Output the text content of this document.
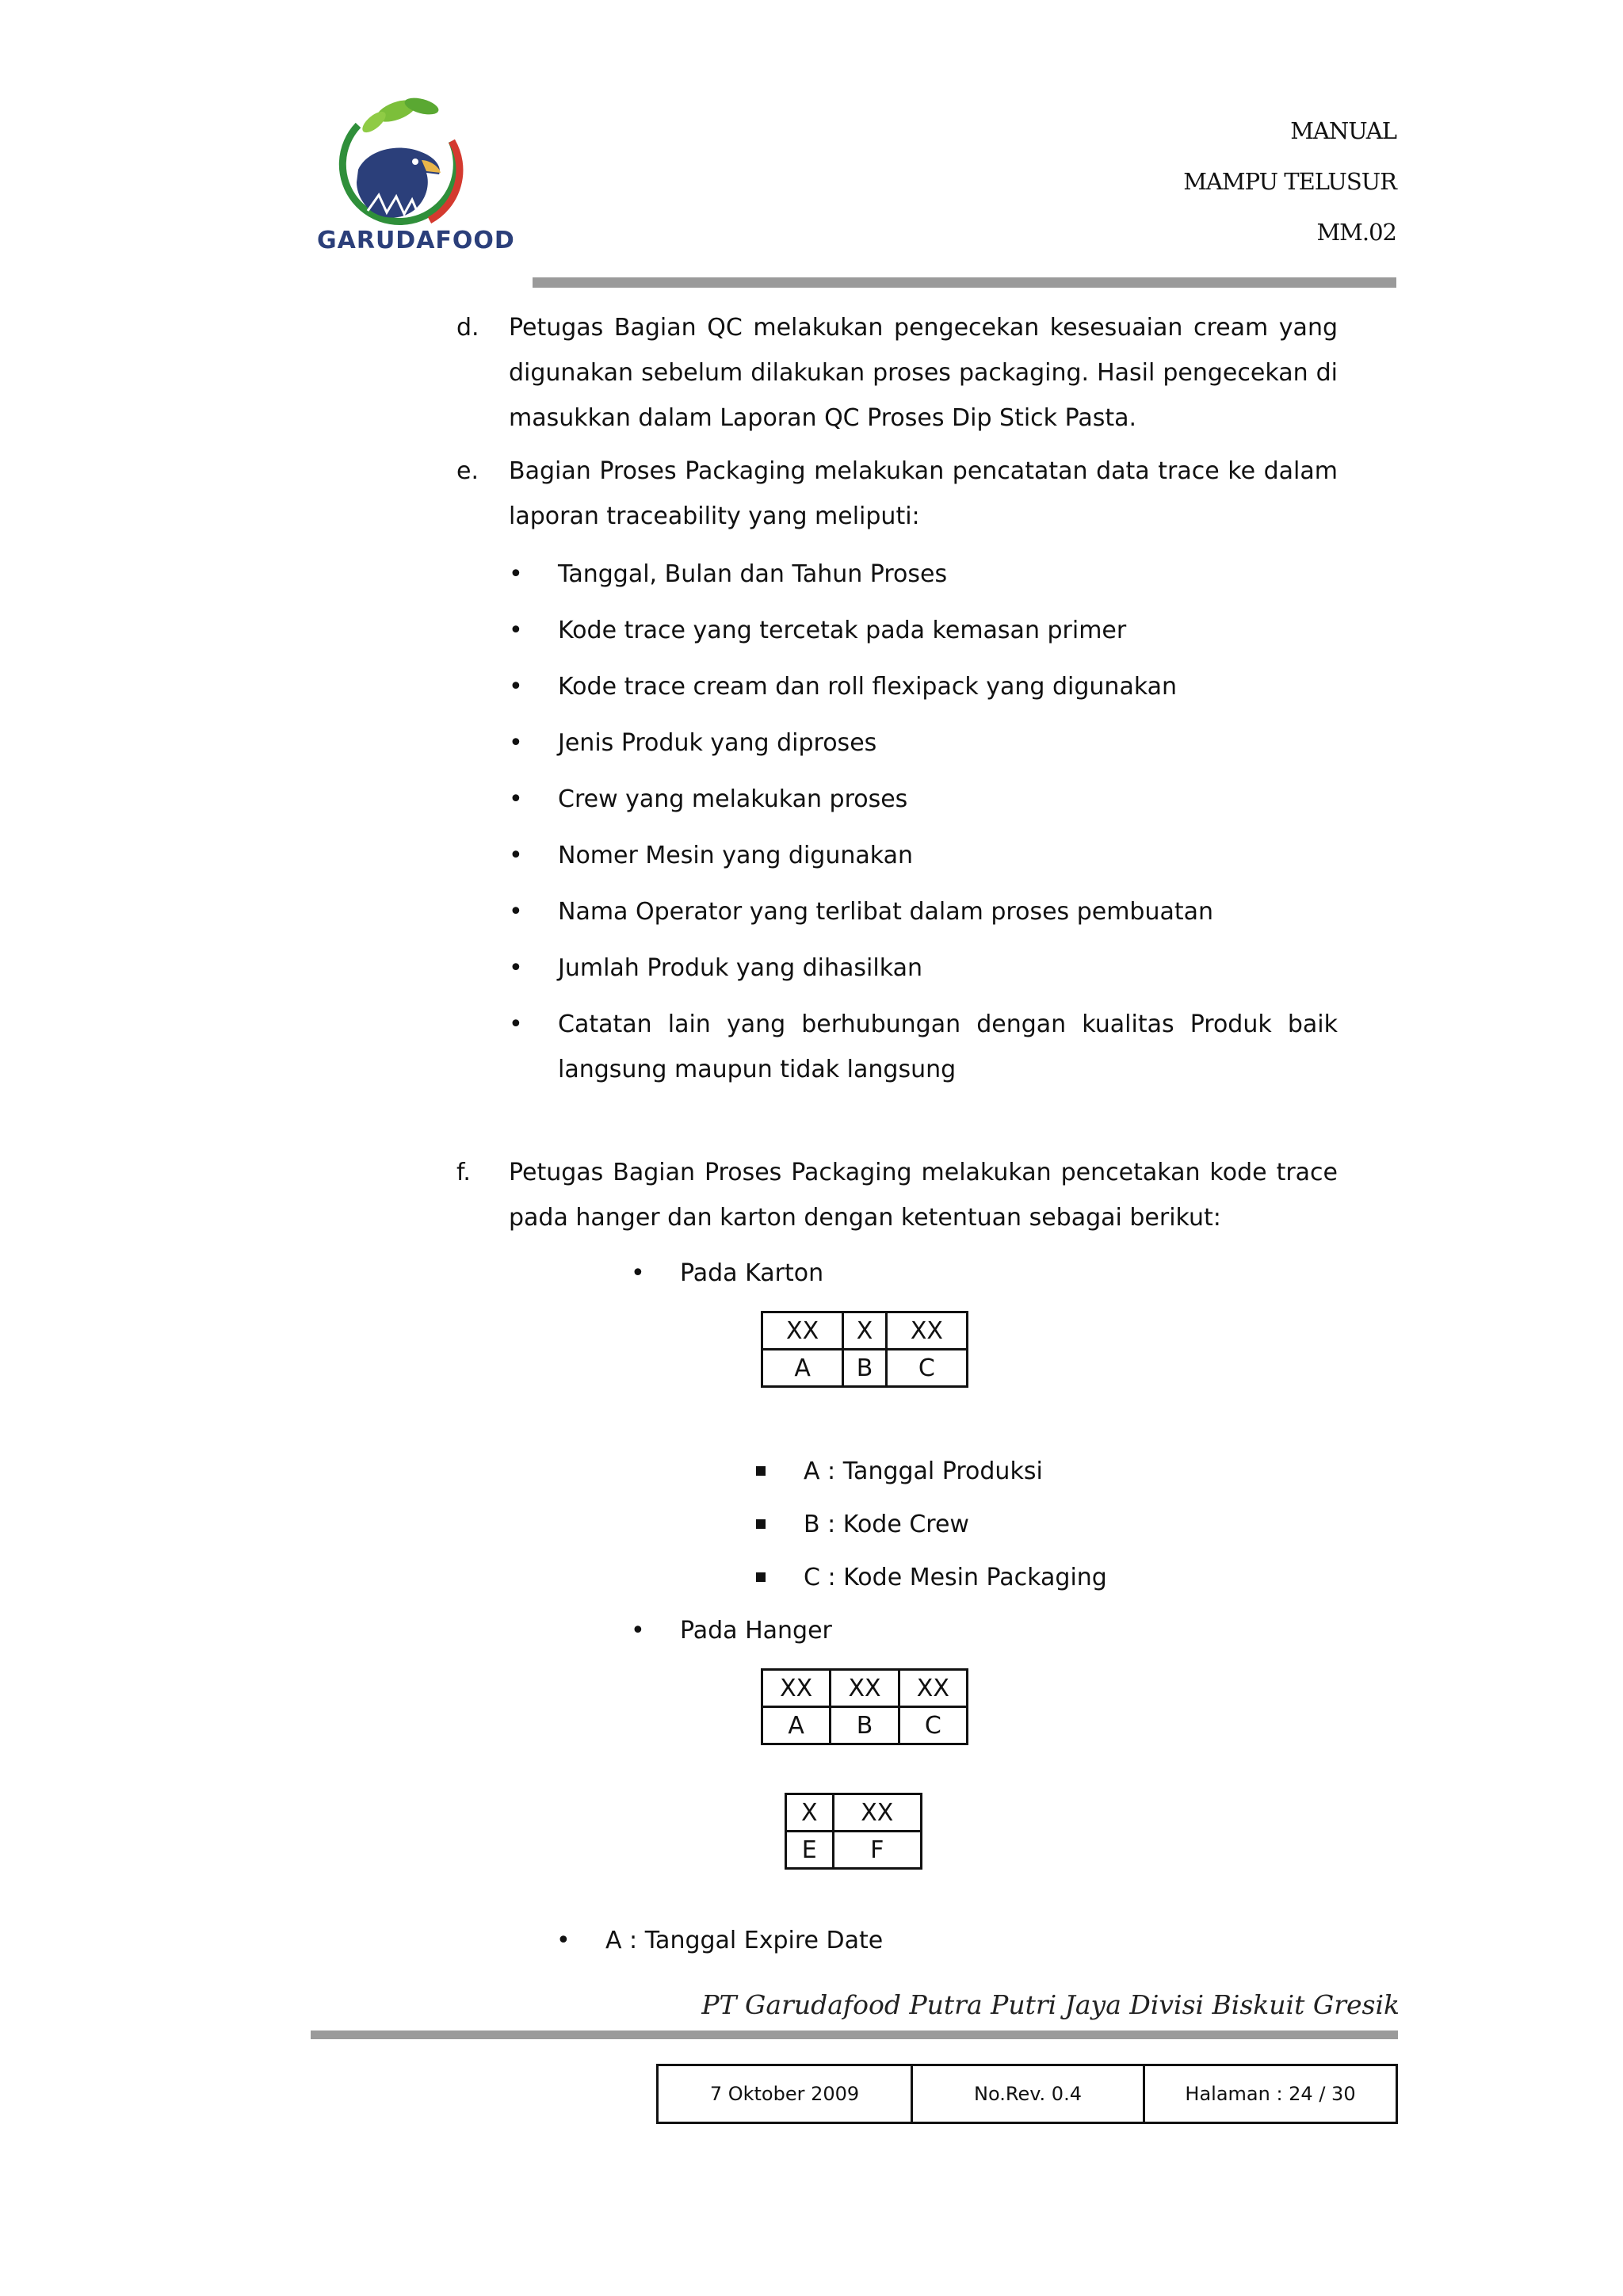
GARUDAFOOD
MANUAL
MAMPU TELUSUR
MM.02
d. Petugas Bagian QC melakukan pengecekan kesesuaian cream yang digunakan sebelum dilakukan proses packaging. Hasil pengecekan di masukkan dalam Laporan QC Proses Dip Stick Pasta.
e. Bagian Proses Packaging melakukan pencatatan data trace ke dalam laporan traceability yang meliputi:
• Tanggal, Bulan dan Tahun Proses
• Kode trace yang tercetak pada kemasan primer
• Kode trace cream dan roll flexipack yang digunakan
• Jenis Produk yang diproses
• Crew yang melakukan proses
• Nomer Mesin yang digunakan
• Nama Operator yang terlibat dalam proses pembuatan
• Jumlah Produk yang dihasilkan
• Catatan lain yang berhubungan dengan kualitas Produk baik langsung maupun tidak langsung
f. Petugas Bagian Proses Packaging melakukan pencetakan kode trace pada hanger dan karton dengan ketentuan sebagai berikut:
• Pada Karton
XX	X	XX
A	B	C
A : Tanggal Produksi
B : Kode Crew
C : Kode Mesin Packaging
• Pada Hanger
XX	XX	XX
A	B	C
X	XX
E	F
• A : Tanggal Expire Date
PT Garudafood Putra Putri Jaya Divisi Biskuit Gresik
7 Oktober 2009	No.Rev. 0.4	Halaman : 24 / 30
